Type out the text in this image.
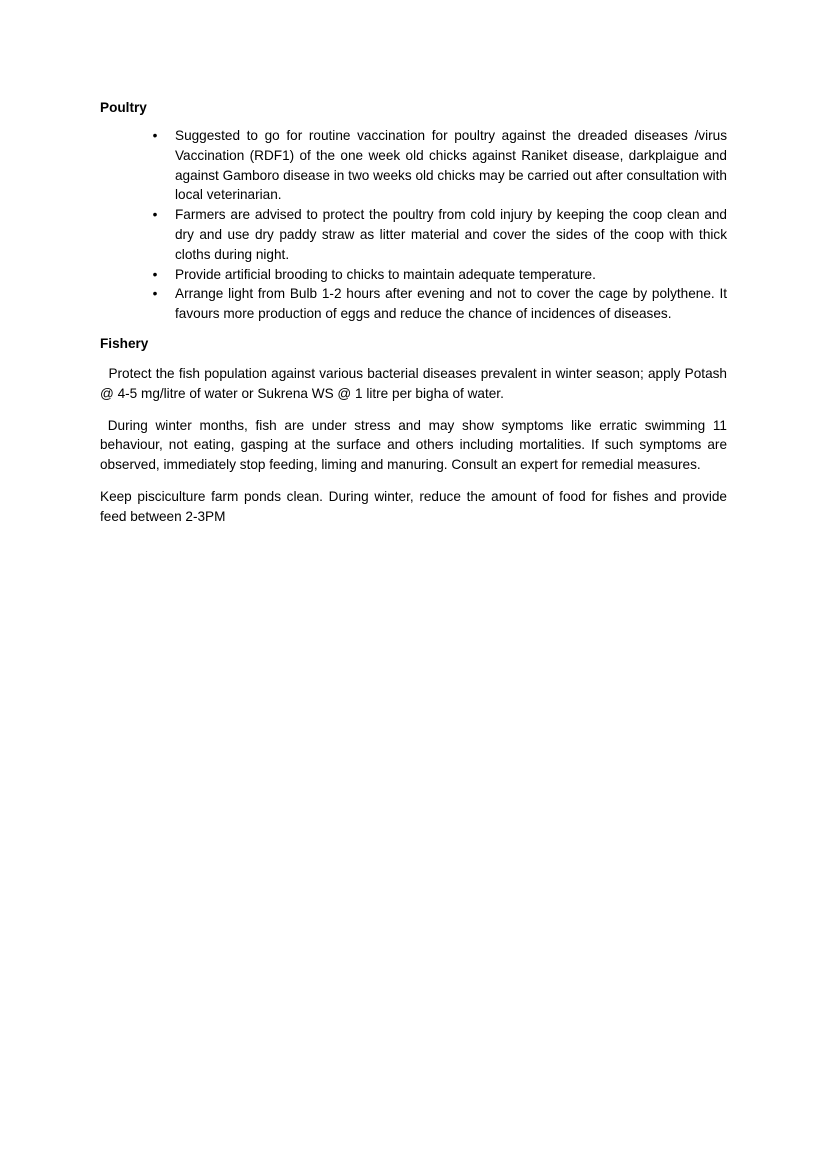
Poultry
• Suggested to go for routine vaccination for poultry against the dreaded diseases /virus Vaccination (RDF1) of the one week old chicks against Raniket disease, darkplaigue and against Gamboro disease in two weeks old chicks may be carried out after consultation with local veterinarian.
• Farmers are advised to protect the poultry from cold injury by keeping the coop clean and dry and use dry paddy straw as litter material and cover the sides of the coop with thick cloths during night.
• Provide artificial brooding to chicks to maintain adequate temperature.
• Arrange light from Bulb 1-2 hours after evening and not to cover the cage by polythene. It favours more production of eggs and reduce the chance of incidences of diseases.
Fishery

Protect the fish population against various bacterial diseases prevalent in winter season; apply Potash @ 4-5 mg/litre of water or Sukrena WS @ 1 litre per bigha of water.

During winter months, fish are under stress and may show symptoms like erratic swimming 11 behaviour, not eating, gasping at the surface and others including mortalities. If such symptoms are observed, immediately stop feeding, liming and manuring. Consult an expert for remedial measures.

Keep pisciculture farm ponds clean. During winter, reduce the amount of food for fishes and provide feed between 2-3PM
